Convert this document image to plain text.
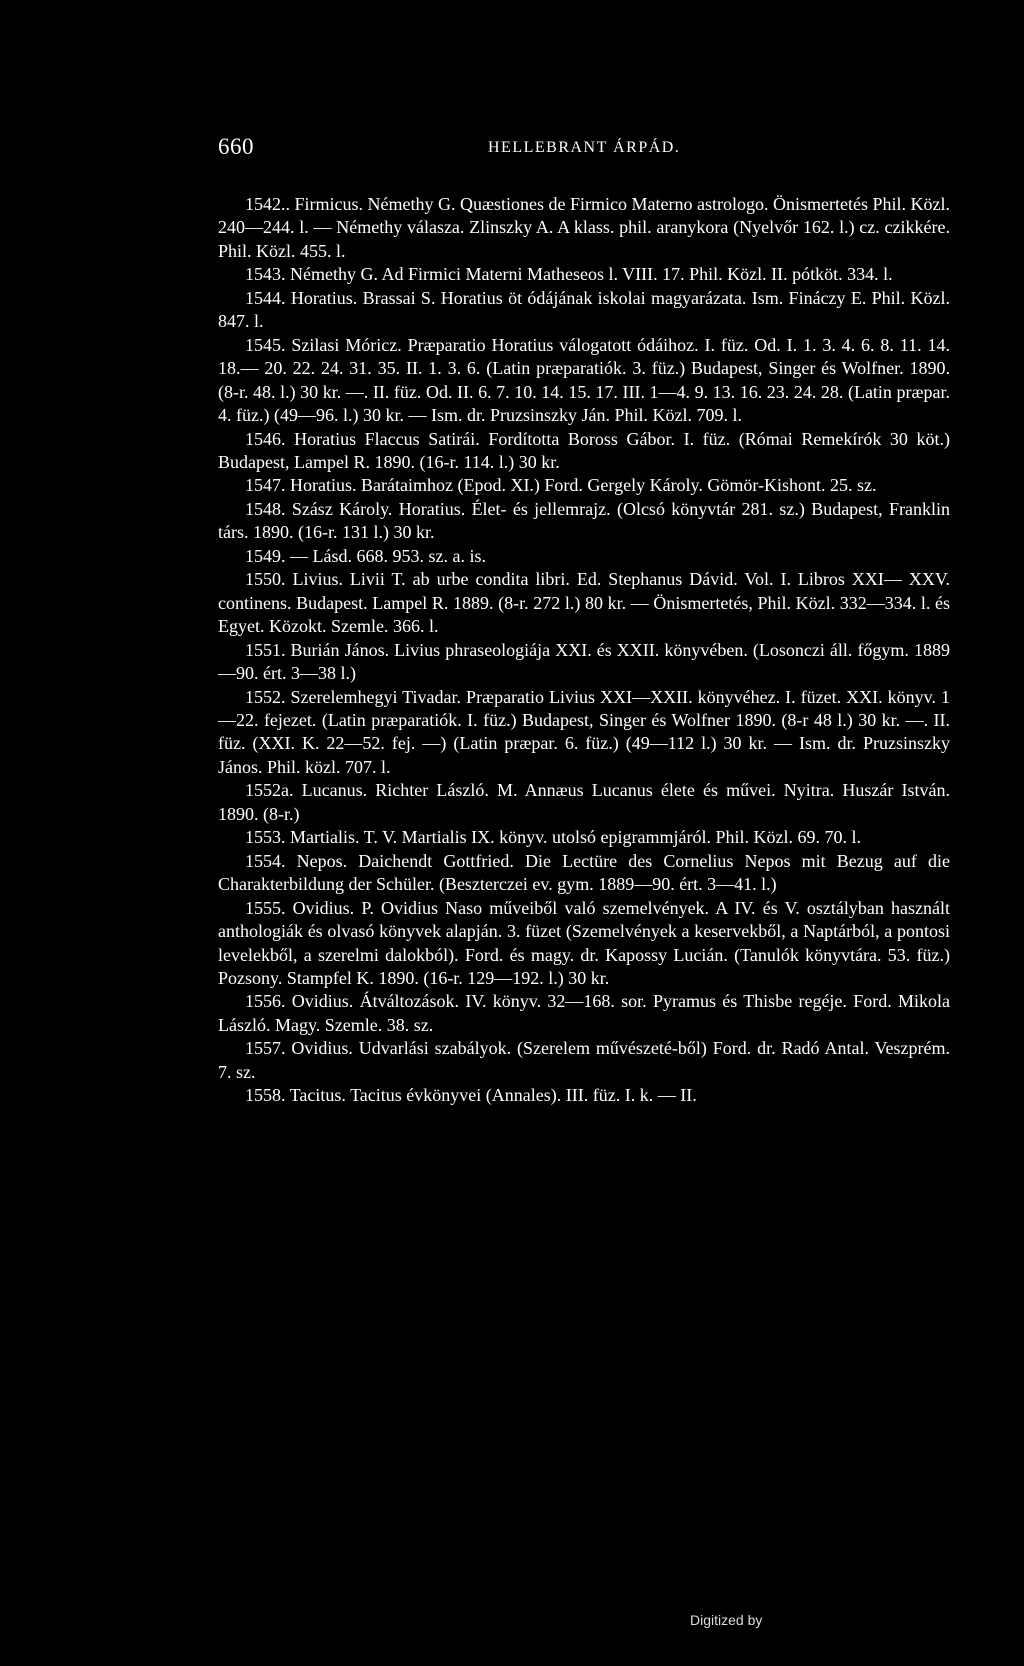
660	HELLEBRANT ÁRPÁD.

1542.. Firmicus. Némethy G. Quæstiones de Firmico Materno astrologo. Önismertetés Phil. Közl. 240—244. l. — Némethy válasza. Zlinszky A. A klass. phil. aranykora (Nyelvőr 162. l.) cz. czikkére. Phil. Közl. 455. l.

1543. Némethy G. Ad Firmici Materni Matheseos l. VIII. 17. Phil. Közl. II. pótköt. 334. l.

1544. Horatius. Brassai S. Horatius öt ódájának iskolai magyarázata. Ism. Fináczy E. Phil. Közl. 847. l.

1545. Szilasi Móricz. Præparatio Horatius válogatott ódáihoz. I. füz. Od. I. 1. 3. 4. 6. 8. 11. 14. 18.— 20. 22. 24. 31. 35. II. 1. 3. 6. (Latin præparatiók. 3. füz.) Budapest, Singer és Wolfner. 1890. (8-r. 48. l.) 30 kr. —. II. füz. Od. II. 6. 7. 10. 14. 15. 17. III. 1—4. 9. 13. 16. 23. 24. 28. (Latin præpar. 4. füz.) (49—96. l.) 30 kr. — Ism. dr. Pruzsinszky Ján. Phil. Közl. 709. l.

1546. Horatius Flaccus Satirái. Fordította Boross Gábor. I. füz. (Római Remekírók 30 köt.) Budapest, Lampel R. 1890. (16-r. 114. l.) 30 kr.

1547. Horatius. Barátaimhoz (Epod. XI.) Ford. Gergely Károly. Gömör-Kishont. 25. sz.

1548. Szász Károly. Horatius. Élet- és jellemrajz. (Olcsó könyvtár 281. sz.) Budapest, Franklin társ. 1890. (16-r. 131 l.) 30 kr.

1549. — Lásd. 668. 953. sz. a. is.

1550. Livius. Livii T. ab urbe condita libri. Ed. Stephanus Dávid. Vol. I. Libros XXI— XXV. continens. Budapest. Lampel R. 1889. (8-r. 272 l.) 80 kr. — Önismertetés, Phil. Közl. 332—334. l. és Egyet. Közokt. Szemle. 366. l.

1551. Burián János. Livius phraseologiája XXI. és XXII. könyvében. (Losonczi áll. főgym. 1889—90. ért. 3—38 l.)

1552. Szerelemhegyi Tivadar. Præparatio Livius XXI—XXII. könyvéhez. I. füzet. XXI. könyv. 1—22. fejezet. (Latin præparatiók. I. füz.) Budapest, Singer és Wolfner 1890. (8-r 48 l.) 30 kr. —. II. füz. (XXI. K. 22—52. fej. —) (Latin præpar. 6. füz.) (49—112 l.) 30 kr. — Ism. dr. Pruzsinszky János. Phil. közl. 707. l.

1552a. Lucanus. Richter László. M. Annæus Lucanus élete és művei. Nyitra. Huszár István. 1890. (8-r.)

1553. Martialis. T. V. Martialis IX. könyv. utolsó epigrammjáról. Phil. Közl. 69. 70. l.

1554. Nepos. Daichendt Gottfried. Die Lectüre des Cornelius Nepos mit Bezug auf die Charakterbildung der Schüler. (Beszterczei ev. gym. 1889—90. ért. 3—41. l.)

1555. Ovidius. P. Ovidius Naso műveiből való szemelvények. A IV. és V. osztályban használt anthologiák és olvasó könyvek alapján. 3. füzet (Szemelvények a keservekből, a Naptárból, a pontosi levelekből, a szerelmi dalokból). Ford. és magy. dr. Kapossy Lucián. (Tanulók könyvtára. 53. füz.) Pozsony. Stampfel K. 1890. (16-r. 129—192. l.) 30 kr.

1556. Ovidius. Átváltozások. IV. könyv. 32—168. sor. Pyramus és Thisbe regéje. Ford. Mikola László. Magy. Szemle. 38. sz.

1557. Ovidius. Udvarlási szabályok. (Szerelem művészeté-ből) Ford. dr. Radó Antal. Veszprém. 7. sz.

1558. Tacitus. Tacitus évkönyvei (Annales). III. füz. I. k. — II.

Digitized by
